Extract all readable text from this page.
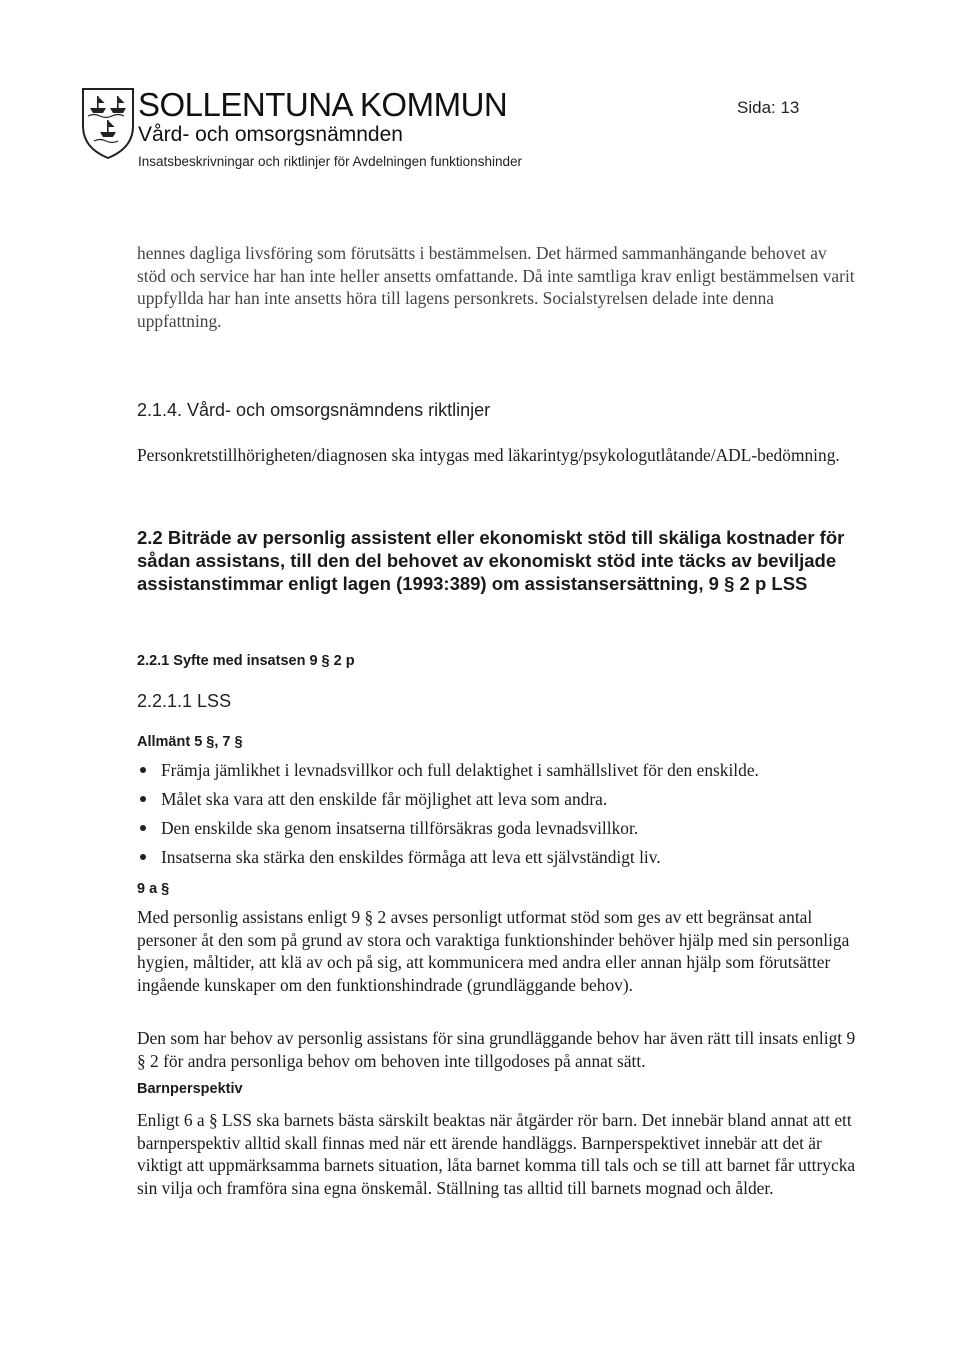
SOLLENTUNA KOMMUN
Vård- och omsorgsnämnden
Insatsbeskrivningar och riktlinjer för Avdelningen funktionshinder
Sida: 13

hennes dagliga livsföring som förutsätts i bestämmelsen. Det härmed sammanhängande behovet av stöd och service har han inte heller ansetts omfattande. Då inte samtliga krav enligt bestämmelsen varit uppfyllda har han inte ansetts höra till lagens personkrets. Socialstyrelsen delade inte denna uppfattning.

2.1.4. Vård- och omsorgsnämndens riktlinjer

Personkretstillhörigheten/diagnosen ska intygas med läkarintyg/psykologutlåtande/ADL-bedömning.

2.2 Biträde av personlig assistent eller ekonomiskt stöd till skäliga kostnader för sådan assistans, till den del behovet av ekonomiskt stöd inte täcks av beviljade assistanstimmar enligt lagen (1993:389) om assistansersättning, 9 § 2 p LSS
2.2.1 Syfte med insatsen 9 § 2 p
2.2.1.1 LSS
Allmänt 5 §, 7 §
Främja jämlikhet i levnadsvillkor och full delaktighet i samhällslivet för den enskilde.
Målet ska vara att den enskilde får möjlighet att leva som andra.
Den enskilde ska genom insatserna tillförsäkras goda levnadsvillkor.
Insatserna ska stärka den enskildes förmåga att leva ett självständigt liv.
9 a §

Med personlig assistans enligt 9 § 2 avses personligt utformat stöd som ges av ett begränsat antal personer åt den som på grund av stora och varaktiga funktionshinder behöver hjälp med sin personliga hygien, måltider, att klä av och på sig, att kommunicera med andra eller annan hjälp som förutsätter ingående kunskaper om den funktionshindrade (grundläggande behov).

Den som har behov av personlig assistans för sina grundläggande behov har även rätt till insats enligt 9 § 2 för andra personliga behov om behoven inte tillgodoses på annat sätt.

Barnperspektiv

Enligt 6 a § LSS ska barnets bästa särskilt beaktas när åtgärder rör barn. Det innebär bland annat att ett barnperspektiv alltid skall finnas med när ett ärende handläggs. Barnperspektivet innebär att det är viktigt att uppmärksamma barnets situation, låta barnet komma till tals och se till att barnet får uttrycka sin vilja och framföra sina egna önskemål. Ställning tas alltid till barnets mognad och ålder.
